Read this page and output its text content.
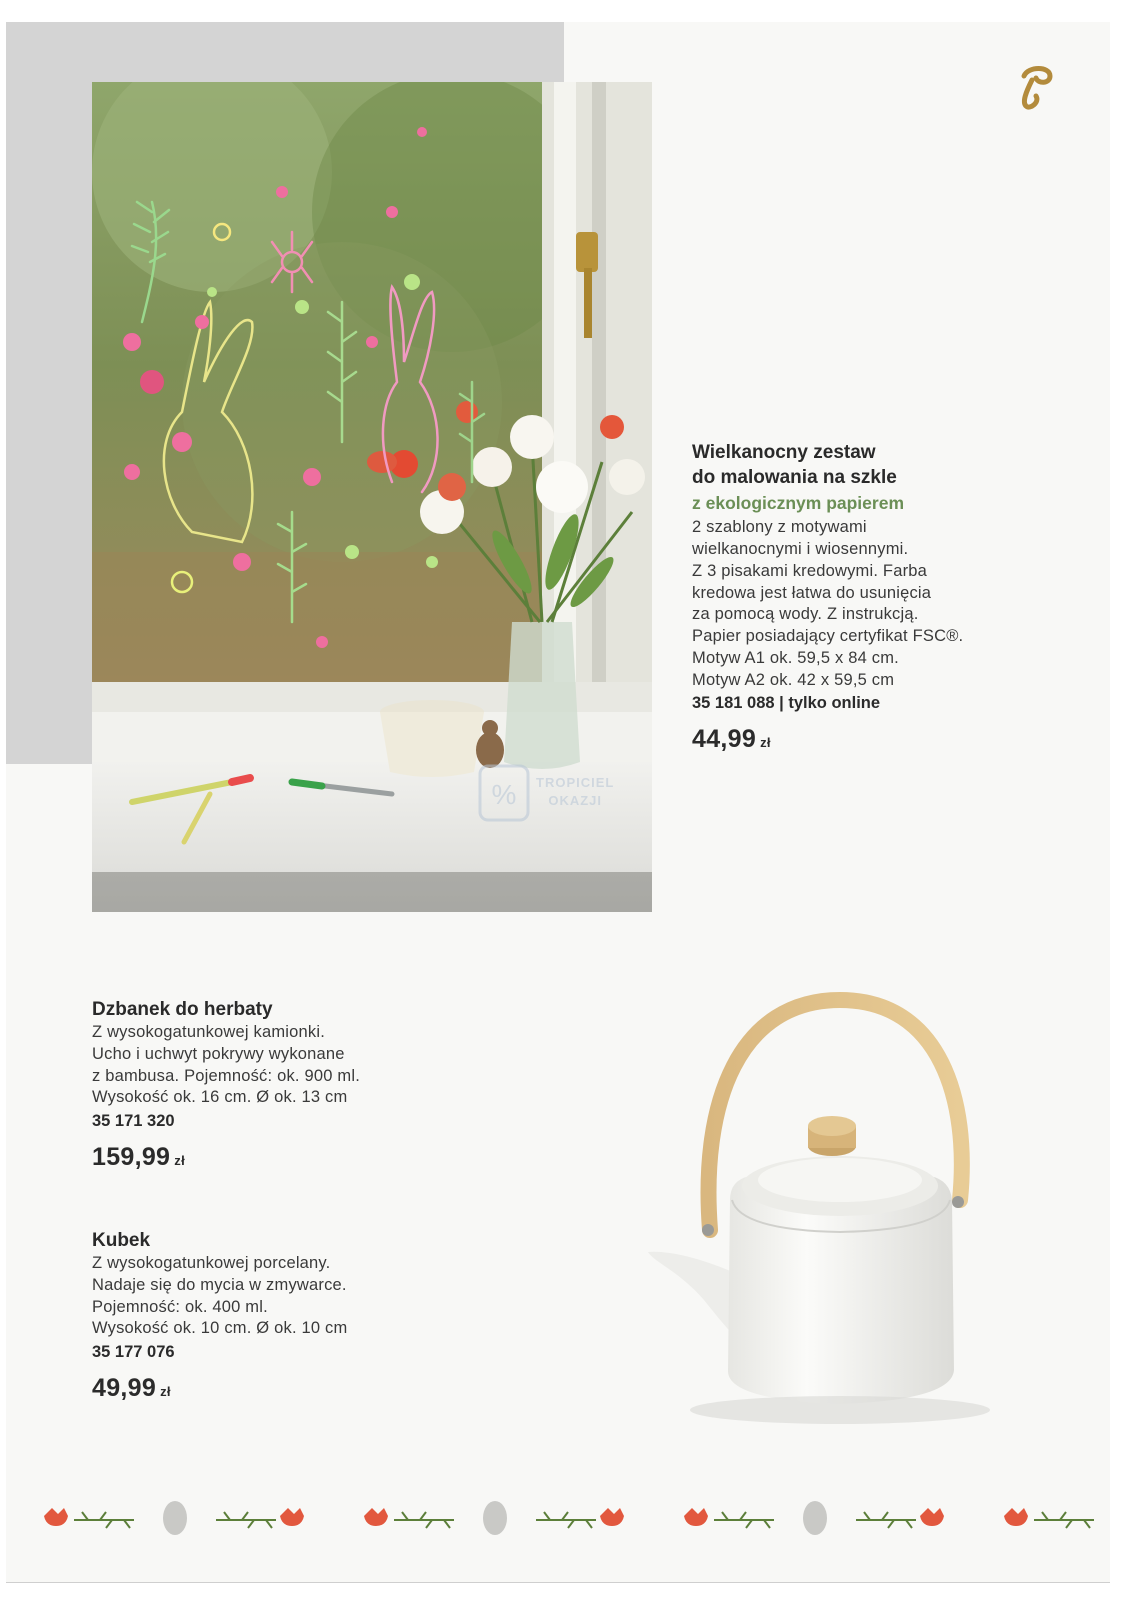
Wielkanocny zestaw

do malowania na szkle

z ekologicznym papierem

2 szablony z motywami

wielkanocnymi i wiosennymi.

Z 3 pisakami kredowymi. Farba

kredowa jest łatwa do usunięcia

za pomocą wody. Z instrukcją.

Papier posiadający certyfikat FSC®.

Motyw A1 ok. 59,5 x 84 cm.

Motyw A2 ok. 42 x 59,5 cm

35 181 088 | tylko online
44,99 zł
% TROPICIEL
OKAZJI

Dzbanek do herbaty

Z wysokogatunkowej kamionki.

Ucho i uchwyt pokrywy wykonane

z bambusa. Pojemność: ok. 900 ml.

Wysokość ok. 16 cm. Ø ok. 13 cm

35 171 320
159,99 zł

Kubek

Z wysokogatunkowej porcelany.

Nadaje się do mycia w zmywarce.

Pojemność: ok. 400 ml.

Wysokość ok. 10 cm. Ø ok. 10 cm

35 177 076
49,99 zł
